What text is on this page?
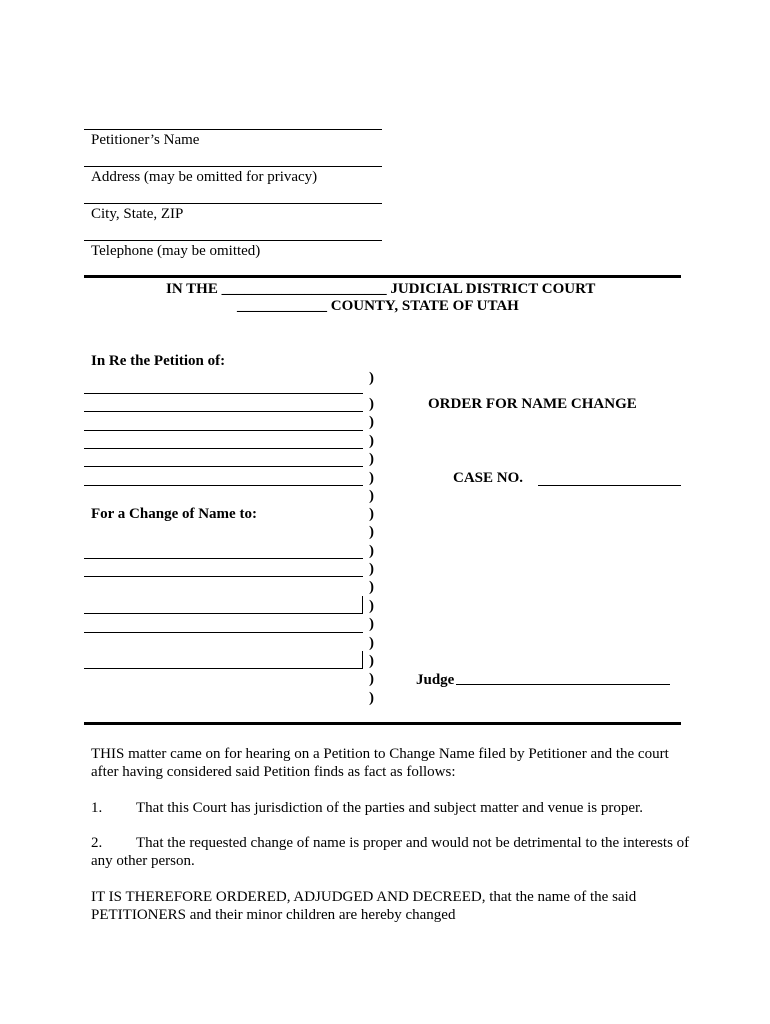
Petitioner’s Name
Address (may be omitted for privacy)
City, State, ZIP
Telephone (may be omitted)
IN THE ______________________ JUDICIAL DISTRICT COURT
____________ COUNTY, STATE OF UTAH
In Re the Petition of:
For a Change of Name to:
)
)
)
)
)
)
)
)
)
)
)
)
)
)
)
)
)
)
ORDER FOR NAME CHANGE
CASE NO.
Judge
THIS matter came on for hearing on a Petition to Change Name filed by Petitioner and the court after having considered said Petition finds as fact as follows:
1. That this Court has jurisdiction of the parties and subject matter and venue is proper.
2. That the requested change of name is proper and would not be detrimental to the interests of any other person.
IT IS THEREFORE ORDERED, ADJUDGED AND DECREED, that the name of the said PETITIONERS and their minor children are hereby changed
